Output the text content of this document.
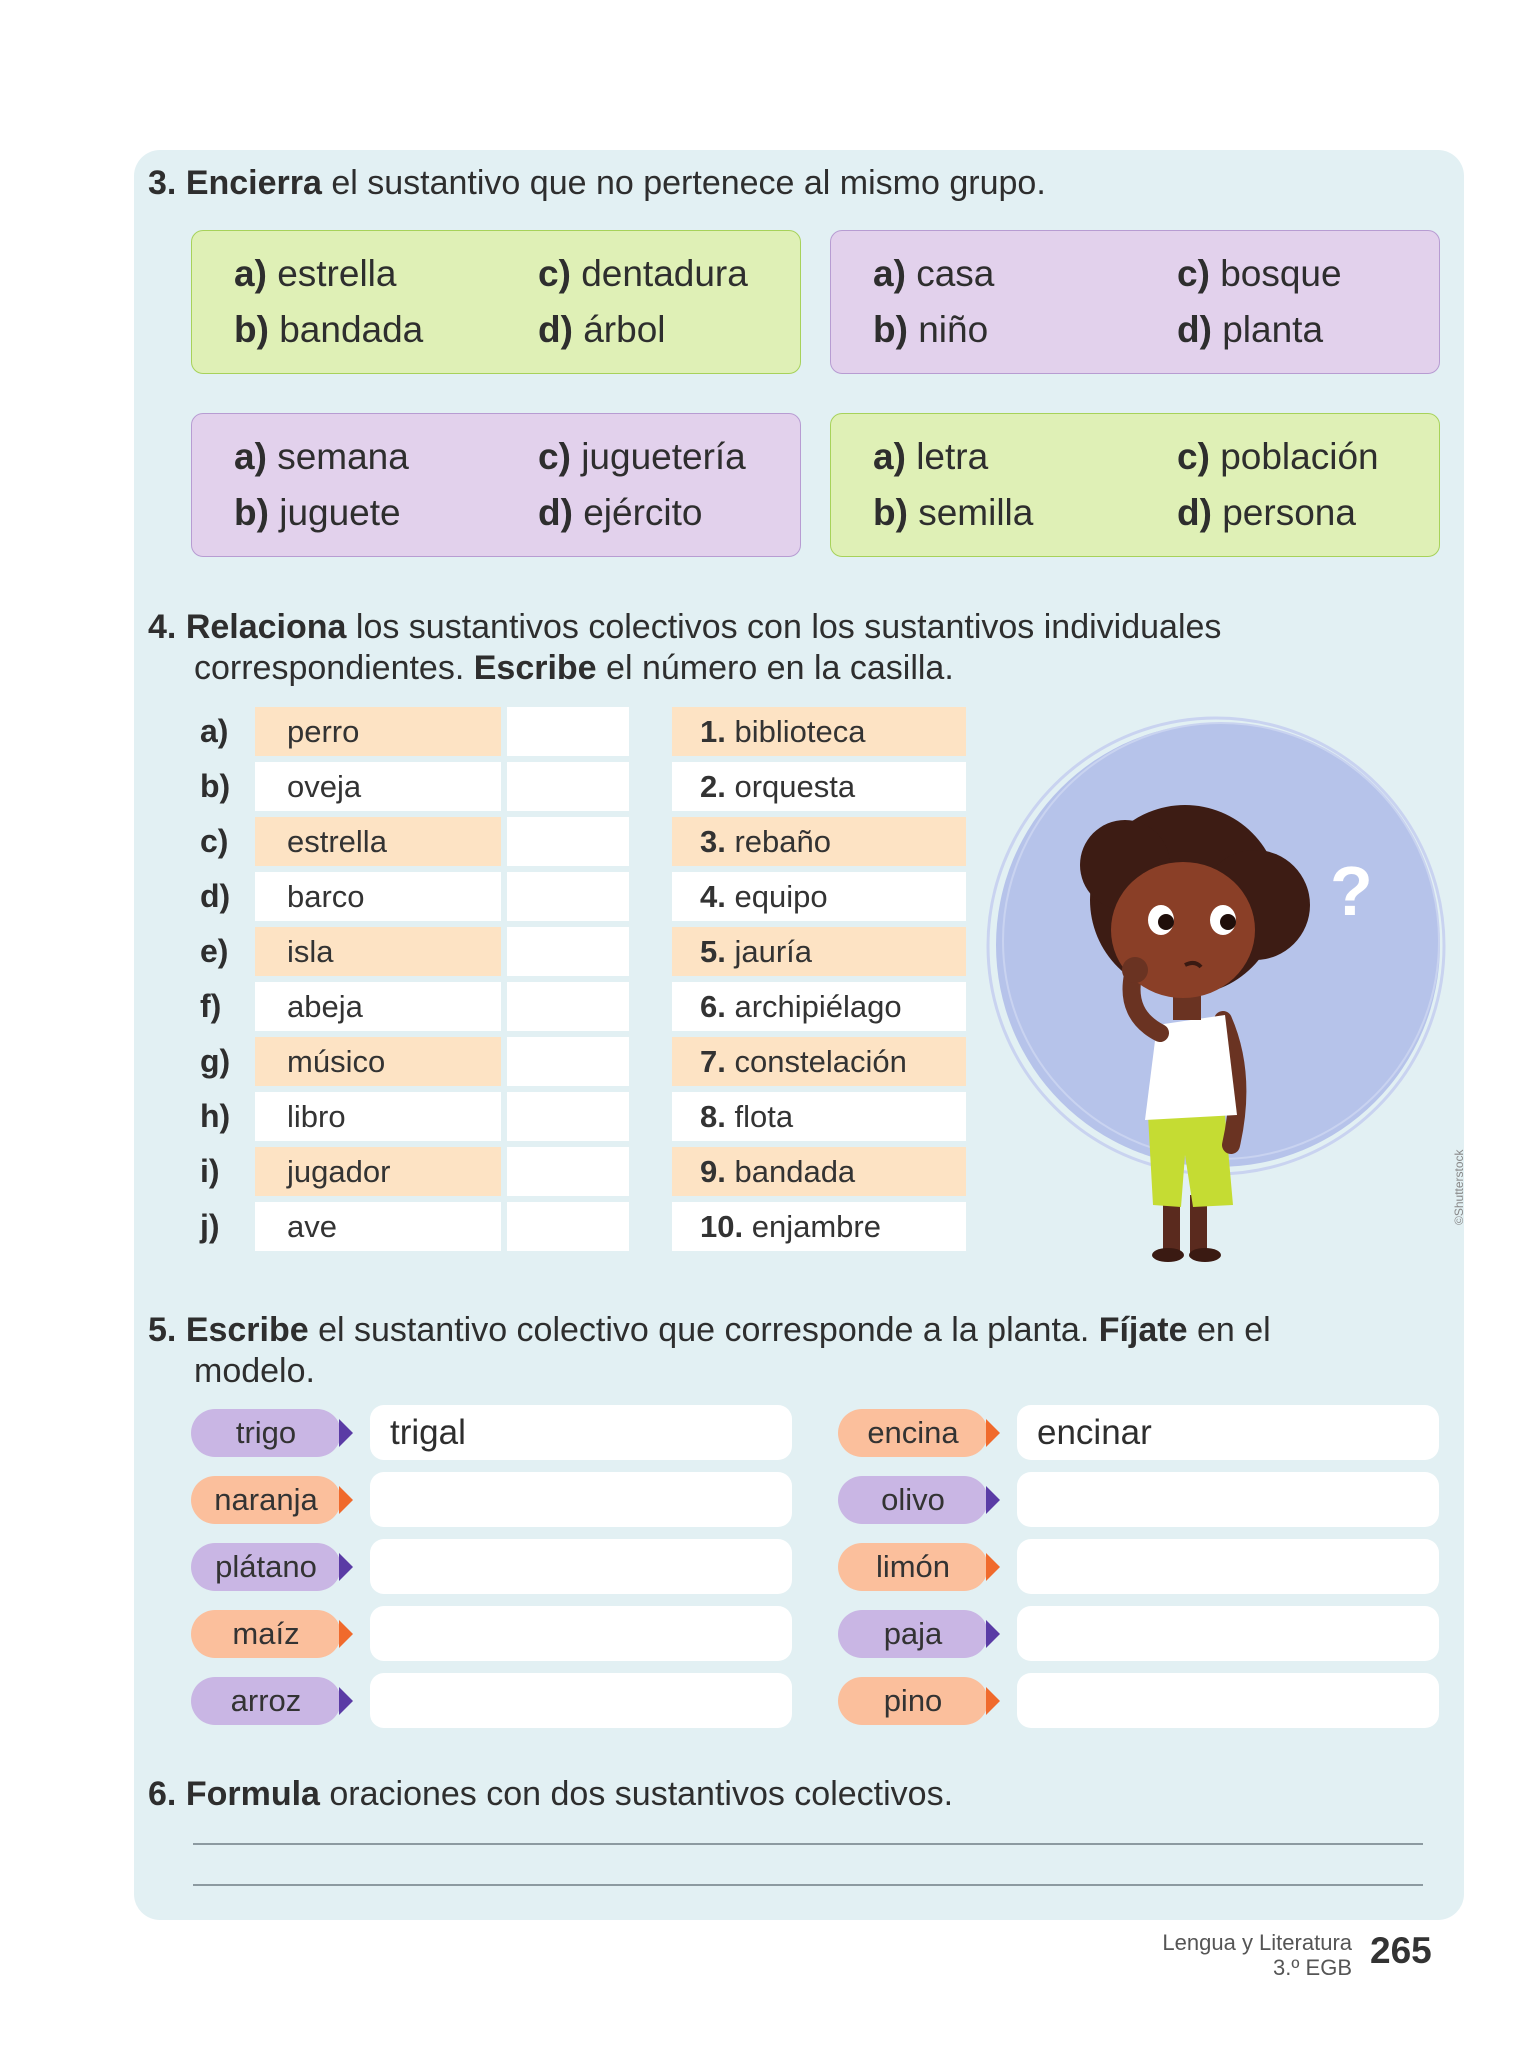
3. Encierra el sustantivo que no pertenece al mismo grupo.
a) estrella
b) bandada
c) dentadura
d) árbol
a) casa
b) niño
c) bosque
d) planta
a) semana
b) juguete
c) juguetería
d) ejército
a) letra
b) semilla
c) población
d) persona
4. Relaciona los sustantivos colectivos con los sustantivos individuales
correspondientes. Escribe el número en la casilla.
a)	perro	1. biblioteca
b)	oveja	2. orquesta
c)	estrella	3. rebaño
d)	barco	4. equipo
e)	isla	5. jauría
f)	abeja	6. archipiélago
g)	músico	7. constelación
h)	libro	8. flota
i)	jugador	9. bandada
j)	ave	10. enjambre
?
©Shutterstock
5. Escribe el sustantivo colectivo que corresponde a la planta. Fíjate en el
modelo.
trigo	trigal
naranja
plátano
maíz
arroz
encina	encinar
olivo
limón
paja
pino
6. Formula oraciones con dos sustantivos colectivos.
Lengua y Literatura
3.º EGB 265
